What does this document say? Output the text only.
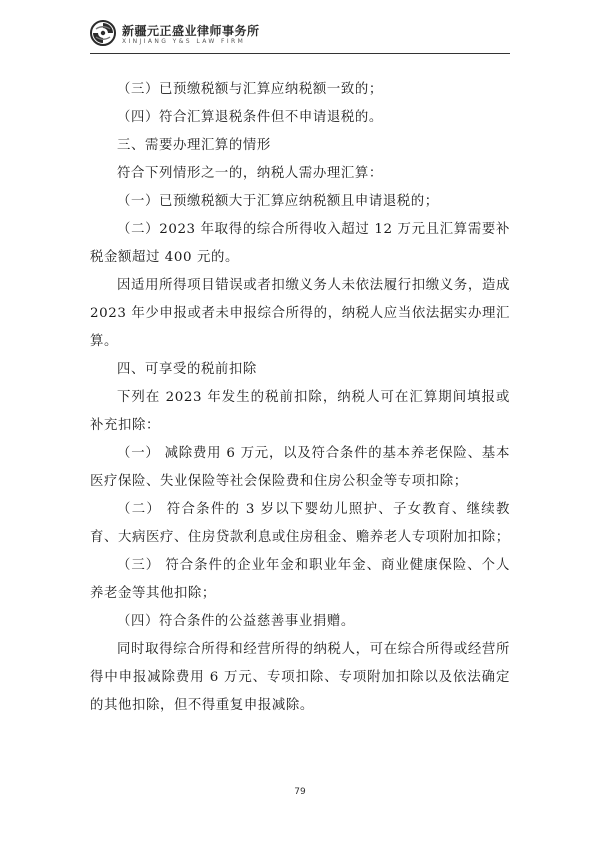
新疆元正盛业律师事务所
XINJIANG Y&S LAW FIRM

（三）已预缴税额与汇算应纳税额一致的；

（四）符合汇算退税条件但不申请退税的。

三、需要办理汇算的情形

符合下列情形之一的，纳税人需办理汇算：

（一）已预缴税额大于汇算应纳税额且申请退税的；

（二）2023 年取得的综合所得收入超过 12 万元且汇算需要补税金额超过 400 元的。

因适用所得项目错误或者扣缴义务人未依法履行扣缴义务，造成 2023 年少申报或者未申报综合所得的，纳税人应当依法据实办理汇算。

四、可享受的税前扣除

下列在 2023 年发生的税前扣除，纳税人可在汇算期间填报或补充扣除：

（一） 减除费用 6 万元，以及符合条件的基本养老保险、基本医疗保险、失业保险等社会保险费和住房公积金等专项扣除；

（二） 符合条件的 3 岁以下婴幼儿照护、子女教育、继续教育、大病医疗、住房贷款利息或住房租金、赡养老人专项附加扣除；

（三） 符合条件的企业年金和职业年金、商业健康保险、个人养老金等其他扣除；

（四）符合条件的公益慈善事业捐赠。

同时取得综合所得和经营所得的纳税人，可在综合所得或经营所得中申报减除费用 6 万元、专项扣除、专项附加扣除以及依法确定的其他扣除，但不得重复申报减除。

79
